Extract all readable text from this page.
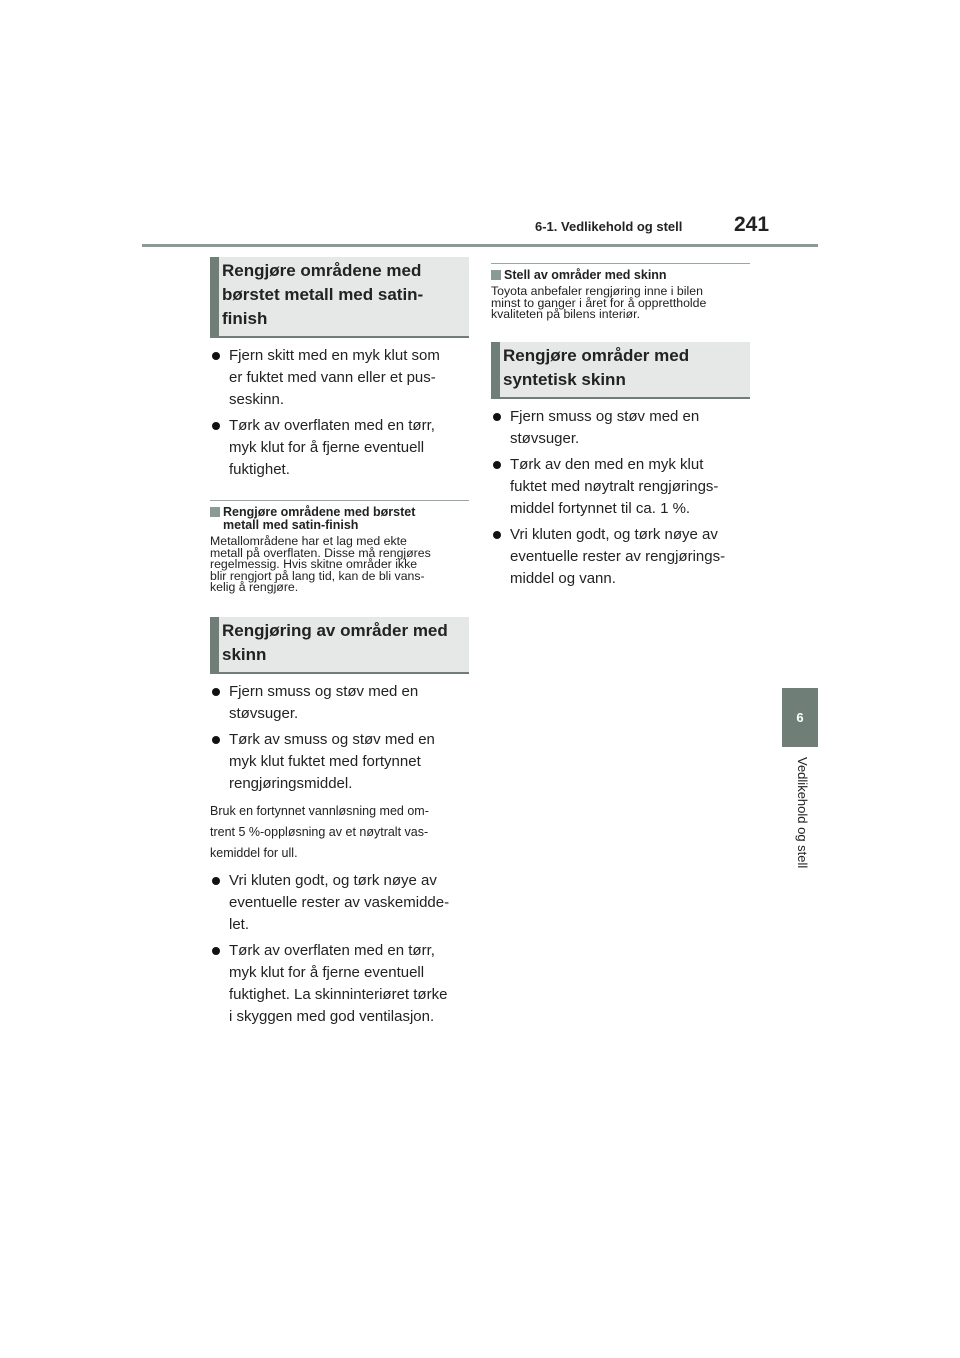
6-1. Vedlikehold og stell 241
6
Vedlikehold og stell
Rengjøre områdene med
børstet metall med satin-
finish
Fjern skitt med en myk klut som
er fuktet med vann eller et pus-
seskinn.
Tørk av overflaten med en tørr,
myk klut for å fjerne eventuell
fuktighet.
Rengjøre områdene med børstet
metall med satin-finish
Metallområdene har et lag med ekte
metall på overflaten. Disse må rengjøres
regelmessig. Hvis skitne områder ikke
blir rengjort på lang tid, kan de bli vans-
kelig å rengjøre.
Rengjøring av områder med
skinn
Fjern smuss og støv med en
støvsuger.
Tørk av smuss og støv med en
myk klut fuktet med fortynnet
rengjøringsmiddel.
Bruk en fortynnet vannløsning med om-
trent 5 %-oppløsning av et nøytralt vas-
kemiddel for ull.
Vri kluten godt, og tørk nøye av
eventuelle rester av vaskemidde-
let.
Tørk av overflaten med en tørr,
myk klut for å fjerne eventuell
fuktighet. La skinninteriøret tørke
i skyggen med god ventilasjon.
Stell av områder med skinn
Toyota anbefaler rengjøring inne i bilen
minst to ganger i året for å opprettholde
kvaliteten på bilens interiør.
Rengjøre områder med
syntetisk skinn
Fjern smuss og støv med en
støvsuger.
Tørk av den med en myk klut
fuktet med nøytralt rengjørings-
middel fortynnet til ca. 1 %.
Vri kluten godt, og tørk nøye av
eventuelle rester av rengjørings-
middel og vann.
